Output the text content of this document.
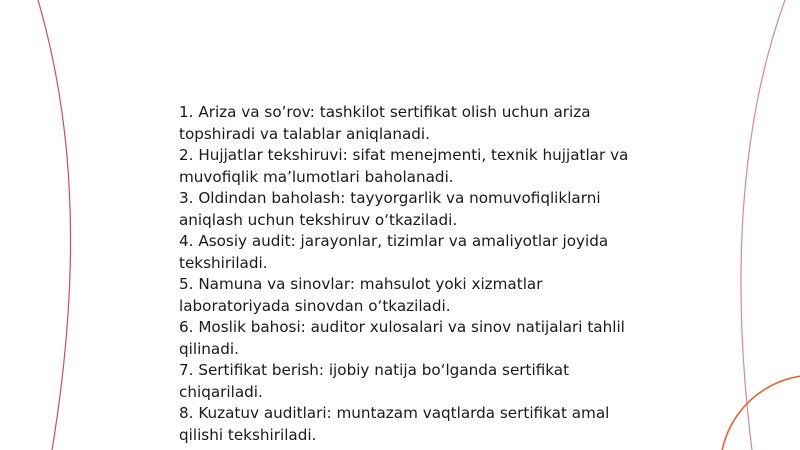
1. Ariza va so’rov: tashkilot sertifikat olish uchun ariza topshiradi va talablar aniqlanadi.
2. Hujjatlar tekshiruvi: sifat menejmenti, texnik hujjatlar va muvofiqlik ma’lumotlari baholanadi.
3. Oldindan baholash: tayyorgarlik va nomuvofiqliklarni aniqlash uchun tekshiruv o‘tkaziladi.
4. Asosiy audit: jarayonlar, tizimlar va amaliyotlar joyida tekshiriladi.
5. Namuna va sinovlar: mahsulot yoki xizmatlar laboratoriyada sinovdan o‘tkaziladi.
6. Moslik bahosi: auditor xulosalari va sinov natijalari tahlil qilinadi.
7. Sertifikat berish: ijobiy natija bo‘lganda sertifikat chiqariladi.
8. Kuzatuv auditlari: muntazam vaqtlarda sertifikat amal qilishi tekshiriladi.
